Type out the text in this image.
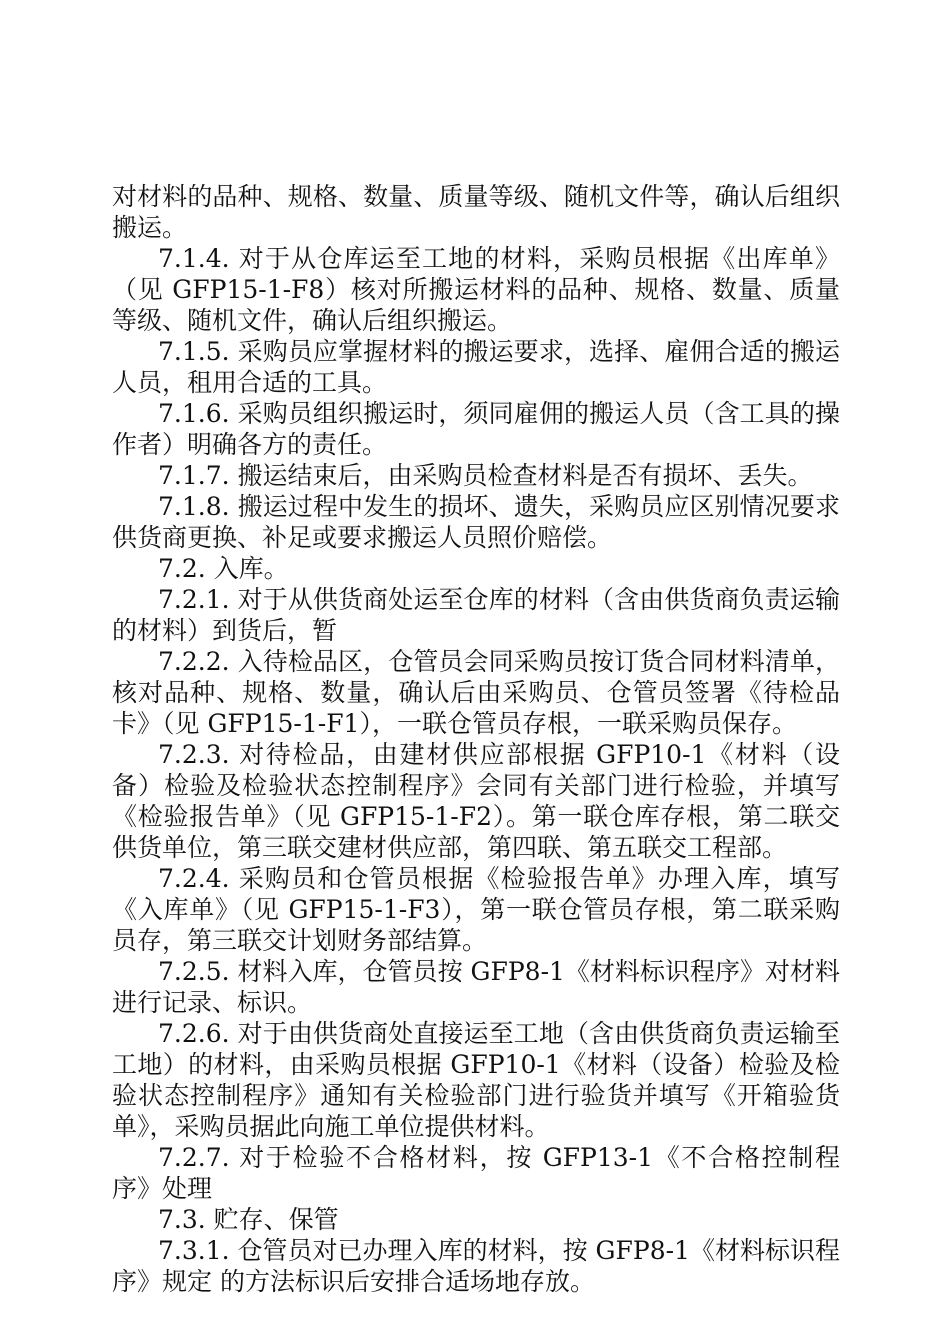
对材料的品种、规格、数量、质量等级、随机文件等，确认后组织搬运。

7.1.4. 对于从仓库运至工地的材料，采购员根据《出库单》（见 GFP15-1-F8）核对所搬运材料的品种、规格、数量、质量等级、随机文件，确认后组织搬运。

7.1.5. 采购员应掌握材料的搬运要求，选择、雇佣合适的搬运人员，租用合适的工具。

7.1.6. 采购员组织搬运时，须同雇佣的搬运人员（含工具的操作者）明确各方的责任。

7.1.7. 搬运结束后，由采购员检查材料是否有损坏、丢失。

7.1.8. 搬运过程中发生的损坏、遗失，采购员应区别情况要求供货商更换、补足或要求搬运人员照价赔偿。

7.2. 入库。

7.2.1. 对于从供货商处运至仓库的材料（含由供货商负责运输的材料）到货后，暂

7.2.2. 入待检品区，仓管员会同采购员按订货合同材料清单，核对品种、规格、数量，确认后由采购员、仓管员签署《待检品卡》（见 GFP15-1-F1），一联仓管员存根，一联采购员保存。

7.2.3. 对待检品，由建材供应部根据 GFP10-1《材料（设备）检验及检验状态控制程序》会同有关部门进行检验，并填写《检验报告单》（见 GFP15-1-F2）。第一联仓库存根，第二联交供货单位，第三联交建材供应部，第四联、第五联交工程部。

7.2.4. 采购员和仓管员根据《检验报告单》办理入库，填写《入库单》（见 GFP15-1-F3），第一联仓管员存根，第二联采购员存，第三联交计划财务部结算。

7.2.5. 材料入库，仓管员按 GFP8-1《材料标识程序》对材料进行记录、标识。

7.2.6. 对于由供货商处直接运至工地（含由供货商负责运输至工地）的材料，由采购员根据 GFP10-1《材料（设备）检验及检验状态控制程序》通知有关检验部门进行验货并填写《开箱验货单》，采购员据此向施工单位提供材料。

7.2.7. 对于检验不合格材料，按 GFP13-1《不合格控制程序》处理

7.3. 贮存、保管

7.3.1. 仓管员对已办理入库的材料，按 GFP8-1《材料标识程序》规定 的方法标识后安排合适场地存放。
